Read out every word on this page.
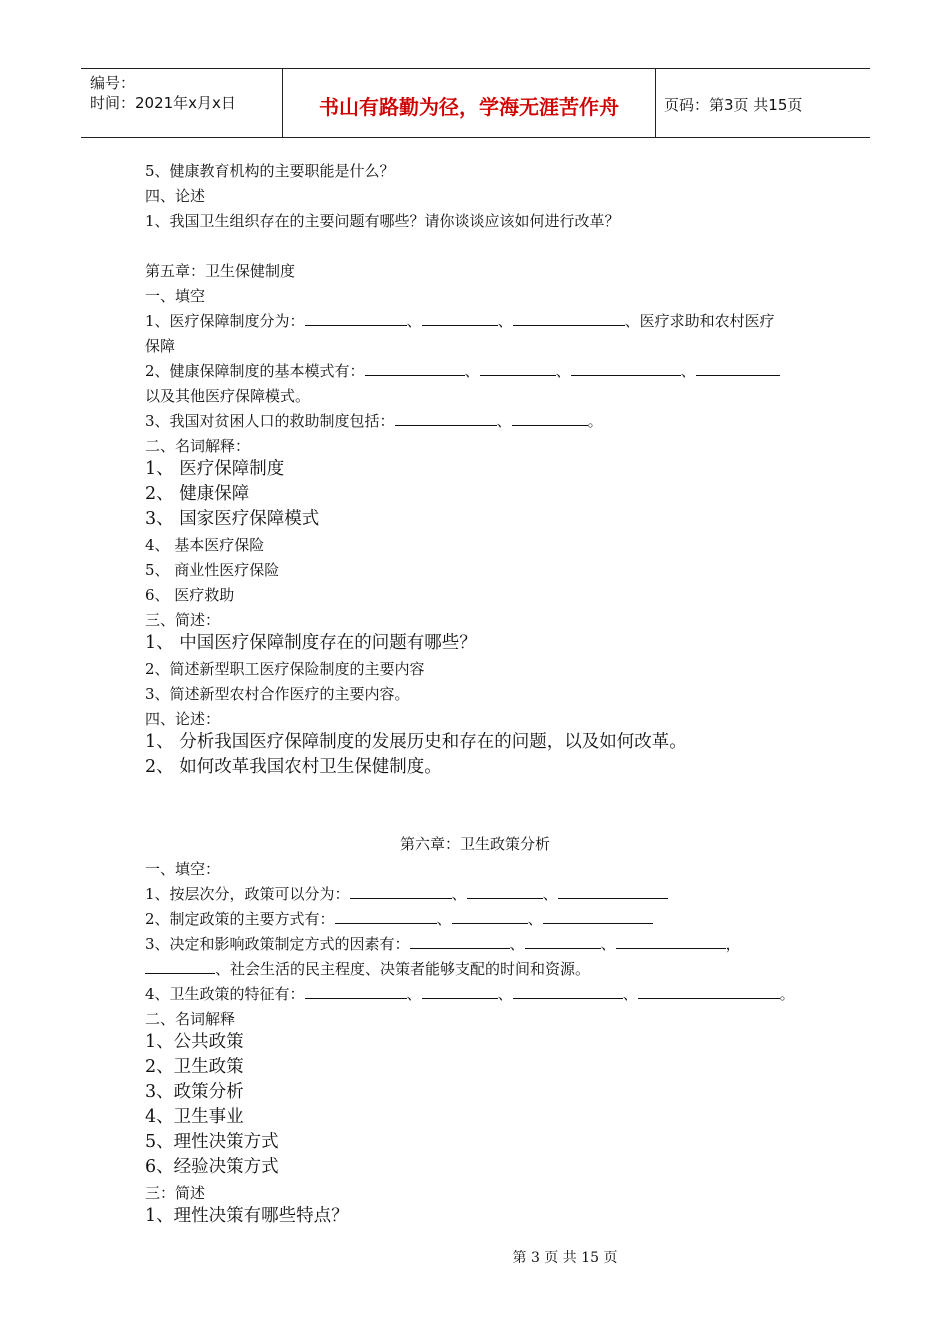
编号：
时间：2021年x月x日	书山有路勤为径，学海无涯苦作舟	页码：第3页 共15页
5、健康教育机构的主要职能是什么？
四、论述
1、我国卫生组织存在的主要问题有哪些？请你谈谈应该如何进行改革？
第五章：卫生保健制度
一、填空
1、医疗保障制度分为：	、	、	、医疗求助和农村医疗
保障
2、健康保障制度的基本模式有：	、	、	、
以及其他医疗保障模式。
3、我国对贫困人口的救助制度包括：	、	。
二、名词解释：
1、 医疗保障制度
2、 健康保障
3、 国家医疗保障模式
4、 基本医疗保险
5、 商业性医疗保险
6、 医疗救助
三、简述：
1、 中国医疗保障制度存在的问题有哪些？
2、简述新型职工医疗保险制度的主要内容
3、简述新型农村合作医疗的主要内容。
四、论述：
1、 分析我国医疗保障制度的发展历史和存在的问题，以及如何改革。
2、 如何改革我国农村卫生保健制度。
第六章：卫生政策分析
一、填空：
1、按层次分，政策可以分为：	、	、
2、制定政策的主要方式有：	、	、
3、决定和影响政策制定方式的因素有：	、	、	，
、社会生活的民主程度、决策者能够支配的时间和资源。
4、卫生政策的特征有：	、	、	、	。
二、名词解释
1、公共政策
2、卫生政策
3、政策分析
4、卫生事业
5、理性决策方式
6、经验决策方式
三：简述
1、理性决策有哪些特点？
第 3 页 共 15 页
